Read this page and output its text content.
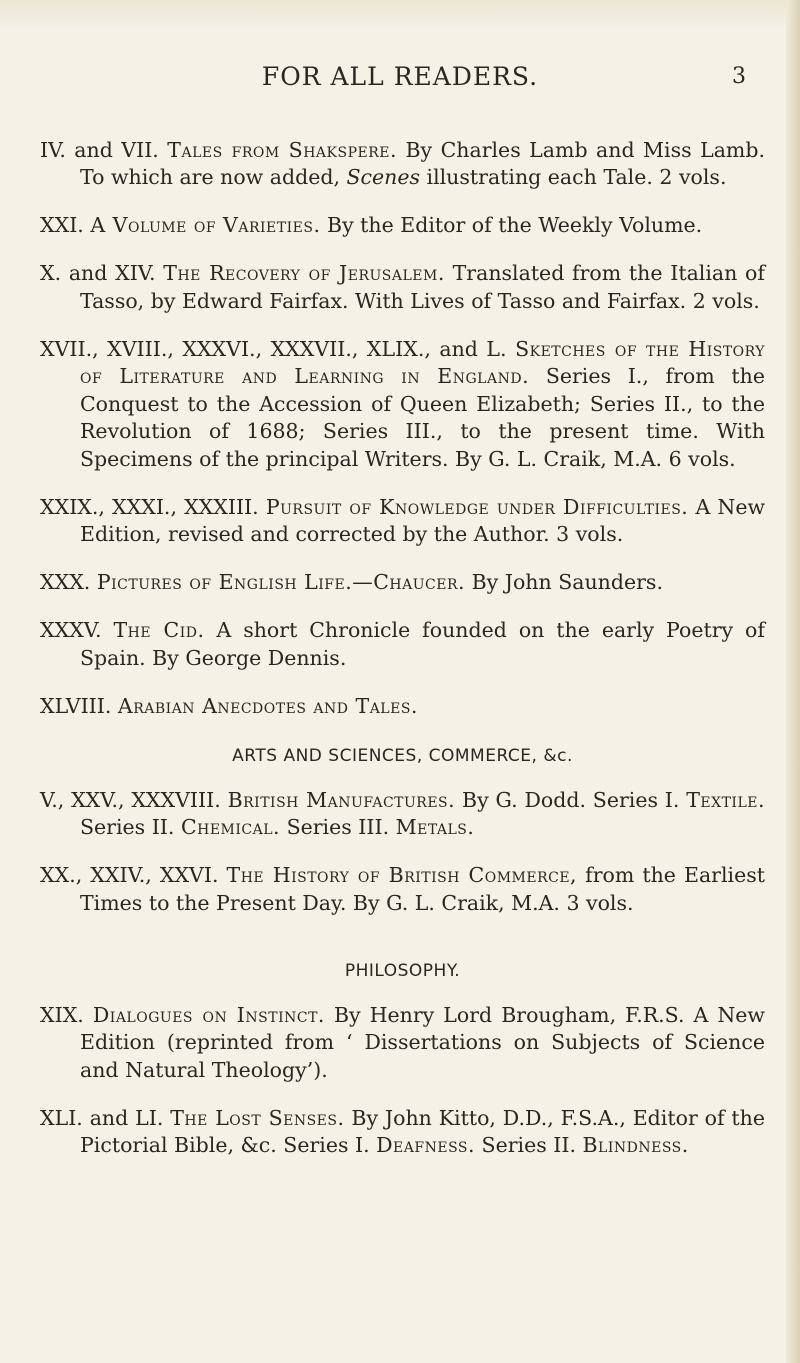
FOR ALL READERS.	3

IV. and VII. Tales from Shakspere. By Charles Lamb and Miss Lamb. To which are now added, Scenes illustrating each Tale. 2 vols.

XXI. A Volume of Varieties. By the Editor of the Weekly Volume.

X. and XIV. The Recovery of Jerusalem. Translated from the Italian of Tasso, by Edward Fairfax. With Lives of Tasso and Fairfax. 2 vols.

XVII., XVIII., XXXVI., XXXVII., XLIX., and L. Sketches of the History of Literature and Learning in England. Series I., from the Conquest to the Accession of Queen Elizabeth; Series II., to the Revolution of 1688; Series III., to the present time. With Specimens of the principal Writers. By G. L. Craik, M.A. 6 vols.

XXIX., XXXI., XXXIII. Pursuit of Knowledge under Difficulties. A New Edition, revised and corrected by the Author. 3 vols.

XXX. Pictures of English Life.—Chaucer. By John Saunders.

XXXV. The Cid. A short Chronicle founded on the early Poetry of Spain. By George Dennis.

XLVIII. Arabian Anecdotes and Tales.

ARTS AND SCIENCES, COMMERCE, &c.

V., XXV., XXXVIII. British Manufactures. By G. Dodd. Series I. Textile. Series II. Chemical. Series III. Metals.

XX., XXIV., XXVI. The History of British Commerce, from the Earliest Times to the Present Day. By G. L. Craik, M.A. 3 vols.

PHILOSOPHY.

XIX. Dialogues on Instinct. By Henry Lord Brougham, F.R.S. A New Edition (reprinted from ‘ Dissertations on Subjects of Science and Natural Theology’).

XLI. and LI. The Lost Senses. By John Kitto, D.D., F.S.A., Editor of the Pictorial Bible, &c. Series I. Deafness. Series II. Blindness.
